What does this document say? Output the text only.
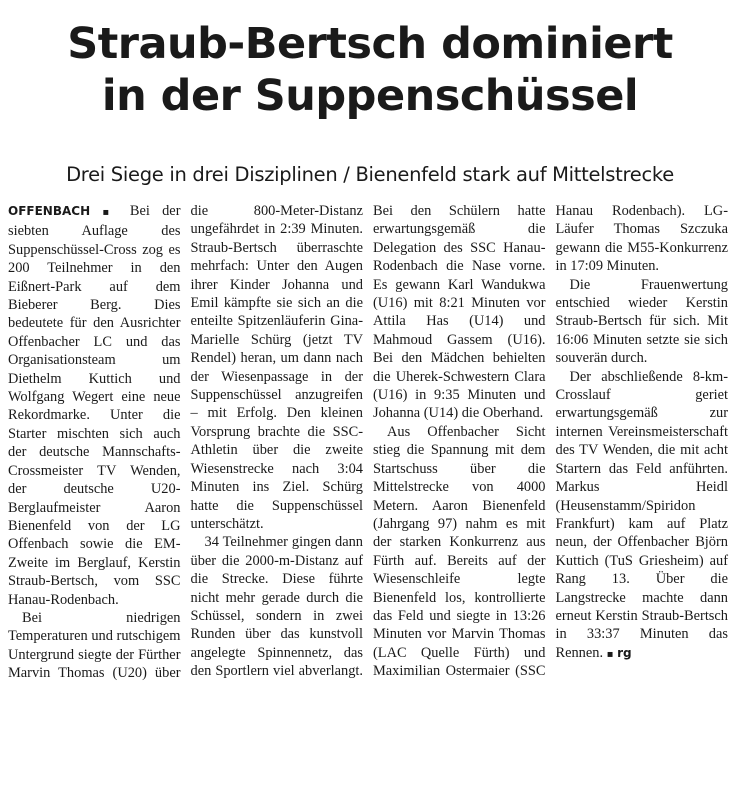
Straub-Bertsch dominiert
in der Suppenschüssel
Drei Siege in drei Disziplinen / Bienenfeld stark auf Mittelstrecke

OFFENBACH ▪ Bei der siebten Auflage des Suppenschüssel-Cross zog es 200 Teilnehmer in den Eißnert-Park auf dem Bieberer Berg. Dies bedeutete für den Ausrichter Offenbacher LC und das Organisationsteam um Diethelm Kuttich und Wolfgang Wegert eine neue Rekordmarke. Unter die Starter mischten sich auch der deutsche Mannschafts-Crossmeister TV Wenden, der deutsche U20-Berglaufmeister Aaron Bienenfeld von der LG Offenbach sowie die EM-Zweite im Berglauf, Kerstin Straub-Bertsch, vom SSC Hanau-Rodenbach.

Bei niedrigen Temperaturen und rutschigem Untergrund siegte der Fürther Marvin Thomas (U20) über die 800-Meter-Distanz ungefährdet in 2:39 Minuten. Straub-Bertsch überraschte mehrfach: Unter den Augen ihrer Kinder Johanna und Emil kämpfte sie sich an die enteilte Spitzenläuferin Gina-Marielle Schürg (jetzt TV Rendel) heran, um dann nach der Wiesenpassage in der Suppenschüssel anzugreifen – mit Erfolg. Den kleinen Vorsprung brachte die SSC-Athletin über die zweite Wiesenstrecke nach 3:04 Minuten ins Ziel. Schürg hatte die Suppenschüssel unterschätzt.

34 Teilnehmer gingen dann über die 2000-m-Distanz auf die Strecke. Diese führte nicht mehr gerade durch die Schüssel, sondern in zwei Runden über das kunstvoll angelegte Spinnennetz, das den Sportlern viel abverlangt. Bei den Schülern hatte erwartungsgemäß die Delegation des SSC Hanau-Rodenbach die Nase vorne. Es gewann Karl Wandukwa (U16) mit 8:21 Minuten vor Attila Has (U14) und Mahmoud Gassem (U16). Bei den Mädchen behielten die Uherek-Schwestern Clara (U16) in 9:35 Minuten und Johanna (U14) die Oberhand.

Aus Offenbacher Sicht stieg die Spannung mit dem Startschuss über die Mittelstrecke von 4000 Metern. Aaron Bienenfeld (Jahrgang 97) nahm es mit der starken Konkurrenz aus Fürth auf. Bereits auf der Wiesenschleife legte Bienenfeld los, kontrollierte das Feld und siegte in 13:26 Minuten vor Marvin Thomas (LAC Quelle Fürth) und Maximilian Ostermaier (SSC Hanau Rodenbach). LG-Läufer Thomas Szczuka gewann die M55-Konkurrenz in 17:09 Minuten.

Die Frauenwertung entschied wieder Kerstin Straub-Bertsch für sich. Mit 16:06 Minuten setzte sie sich souverän durch.

Der abschließende 8-km-Crosslauf geriet erwartungsgemäß zur internen Vereinsmeisterschaft des TV Wenden, die mit acht Startern das Feld anführten. Markus Heidl (Heusenstamm/Spiridon Frankfurt) kam auf Platz neun, der Offenbacher Björn Kuttich (TuS Griesheim) auf Rang 13. Über die Langstrecke machte dann erneut Kerstin Straub-Bertsch in 33:37 Minuten das Rennen. ▪ rg
